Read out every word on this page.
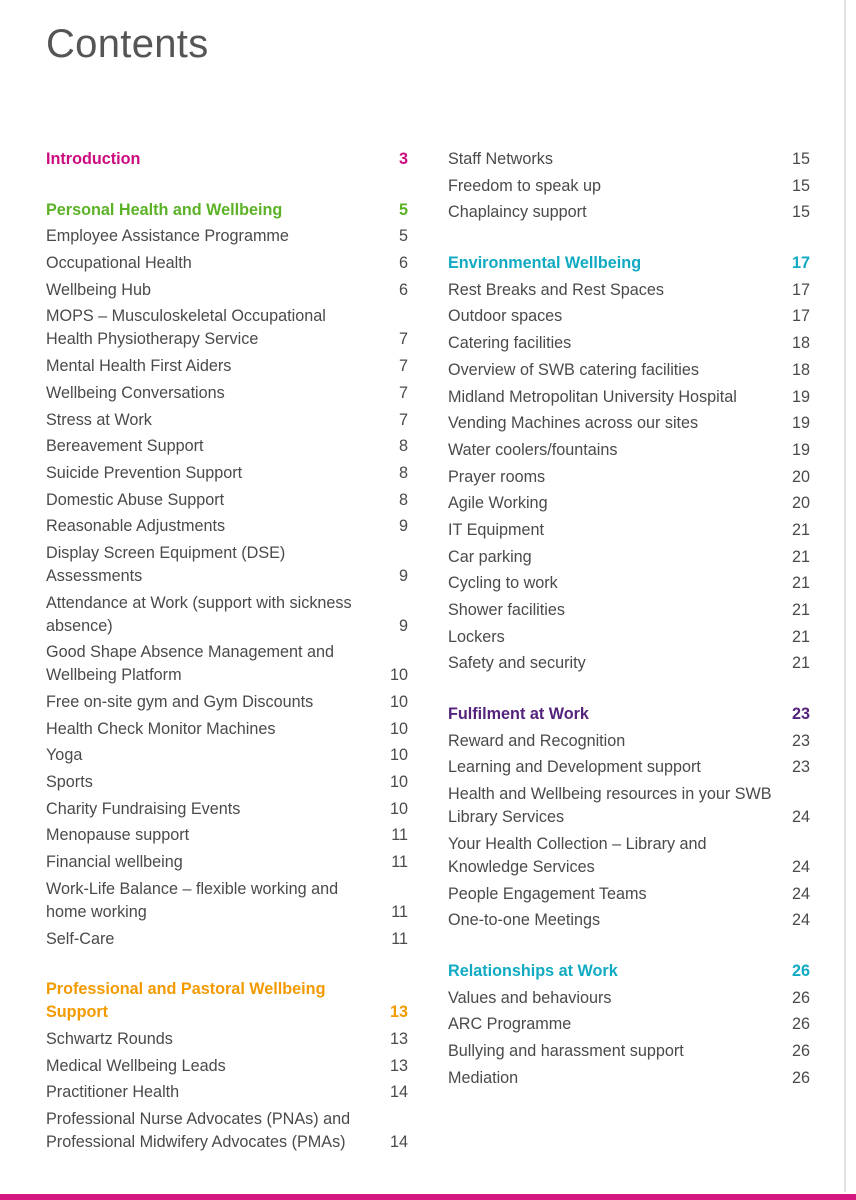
Contents
Introduction	3
Personal Health and Wellbeing	5
Employee Assistance Programme	5
Occupational Health	6
Wellbeing Hub	6
MOPS – Musculoskeletal Occupational Health Physiotherapy Service	7
Mental Health First Aiders	7
Wellbeing Conversations	7
Stress at Work	7
Bereavement Support	8
Suicide Prevention Support	8
Domestic Abuse Support	8
Reasonable Adjustments	9
Display Screen Equipment (DSE) Assessments	9
Attendance at Work (support with sickness absence)	9
Good Shape Absence Management and Wellbeing Platform	10
Free on-site gym and Gym Discounts	10
Health Check Monitor Machines	10
Yoga	10
Sports	10
Charity Fundraising Events	10
Menopause support	11
Financial wellbeing	11
Work-Life Balance – flexible working and home working	11
Self-Care	11
Professional and Pastoral Wellbeing Support	13
Schwartz Rounds	13
Medical Wellbeing Leads	13
Practitioner Health	14
Professional Nurse Advocates (PNAs) and Professional Midwifery Advocates (PMAs)	14
Staff Networks	15
Freedom to speak up	15
Chaplaincy support	15
Environmental Wellbeing	17
Rest Breaks and Rest Spaces	17
Outdoor spaces	17
Catering facilities	18
Overview of SWB catering facilities	18
Midland Metropolitan University Hospital	19
Vending Machines across our sites	19
Water coolers/fountains	19
Prayer rooms	20
Agile Working	20
IT Equipment	21
Car parking	21
Cycling to work	21
Shower facilities	21
Lockers	21
Safety and security	21
Fulfilment at Work	23
Reward and Recognition	23
Learning and Development support	23
Health and Wellbeing resources in your SWB Library Services	24
Your Health Collection – Library and Knowledge Services	24
People Engagement Teams	24
One-to-one Meetings	24
Relationships at Work	26
Values and behaviours	26
ARC Programme	26
Bullying and harassment support	26
Mediation	26
